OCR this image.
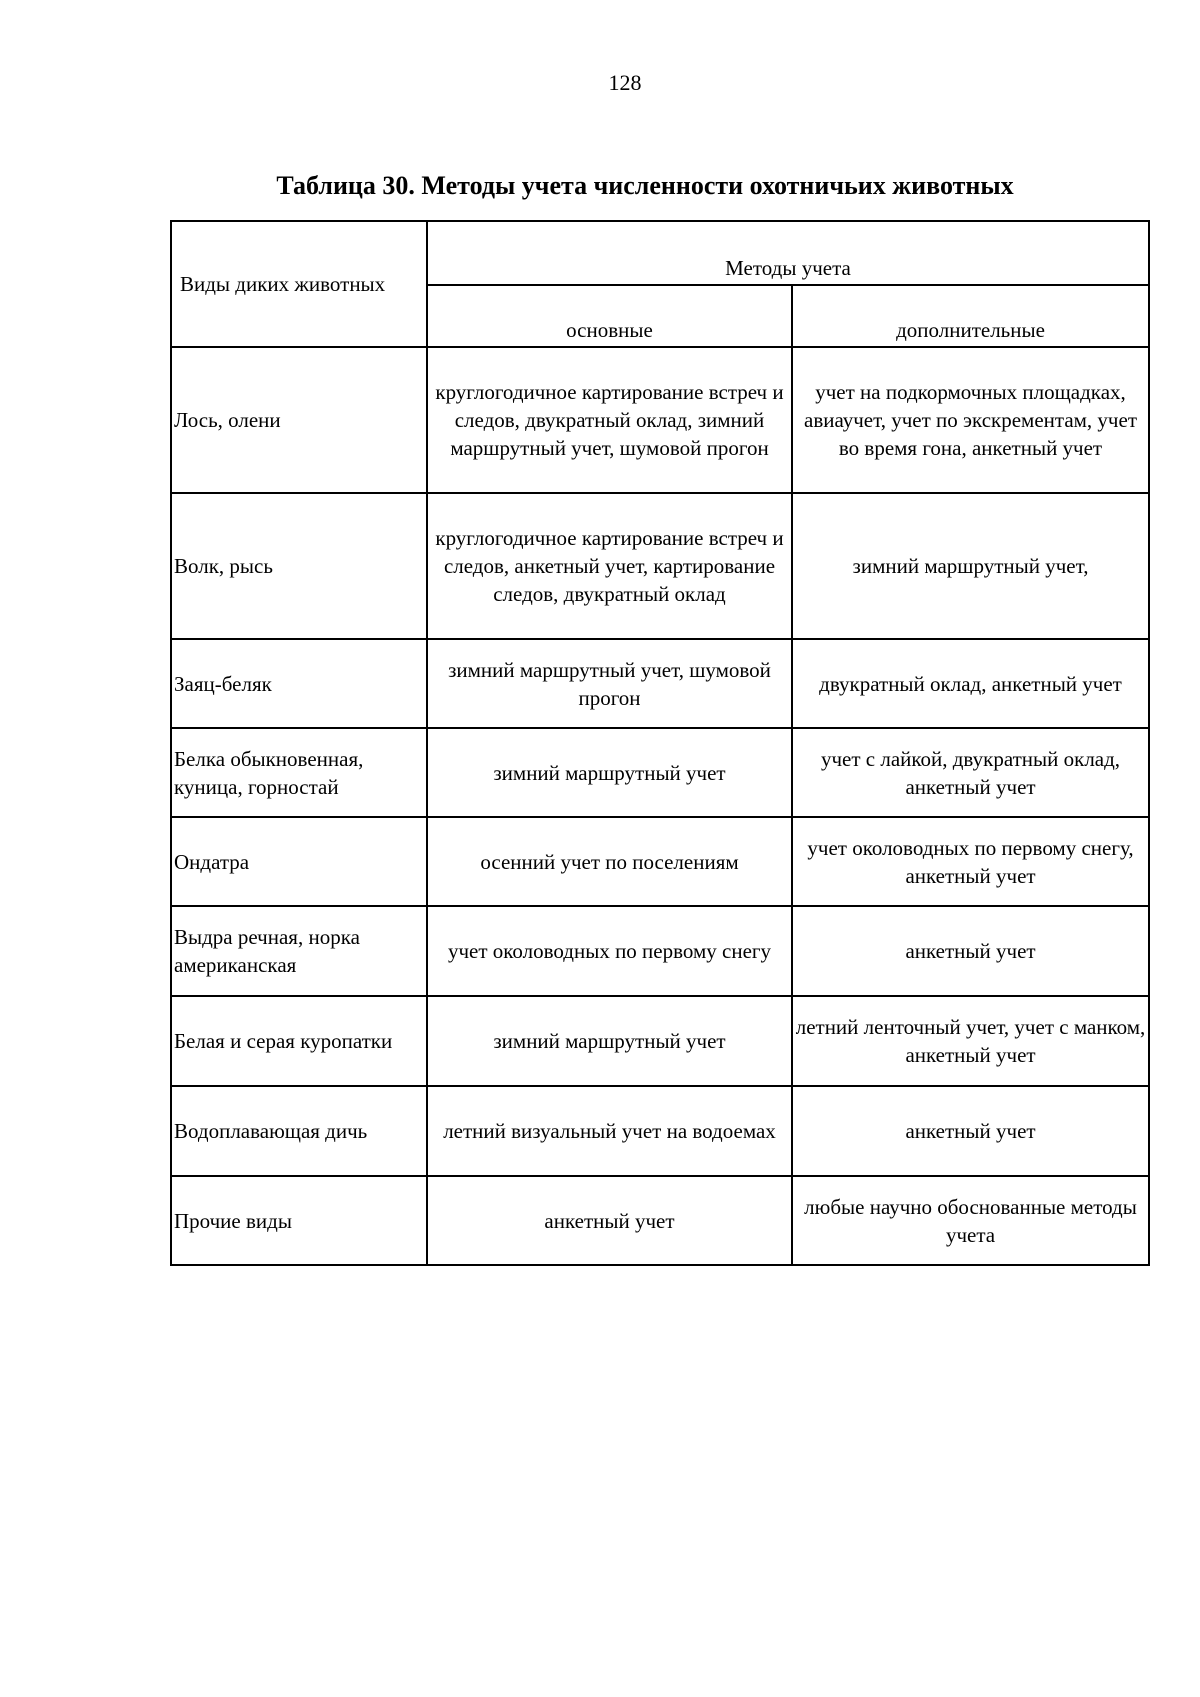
128
Таблица 30. Методы учета численности охотничьих животных
Виды диких животных	Методы учета	
	основные	дополнительные
Лось, олени	круглогодичное картирование встреч и следов, двукратный оклад, зимний маршрутный учет, шумовой прогон	учет на подкормочных площадках, авиаучет, учет по экскрементам, учет во время гона, анкетный учет
Волк, рысь	круглогодичное картирование встреч и следов, анкетный учет, картирование следов, двукратный оклад	зимний маршрутный учет,
Заяц-беляк	зимний маршрутный учет, шумовой прогон	двукратный оклад, анкетный учет
Белка обыкновенная, куница, горностай	зимний маршрутный учет	учет с лайкой, двукратный оклад, анкетный учет
Ондатра	осенний учет по поселениям	учет околоводных по первому снегу, анкетный учет
Выдра речная, норка американская	учет околоводных по первому снегу	анкетный учет
Белая и серая куропатки	зимний маршрутный учет	летний ленточный учет, учет с манком, анкетный учет
Водоплавающая дичь	летний визуальный учет на водоемах	анкетный учет
Прочие виды	анкетный учет	любые научно обоснованные методы учета
